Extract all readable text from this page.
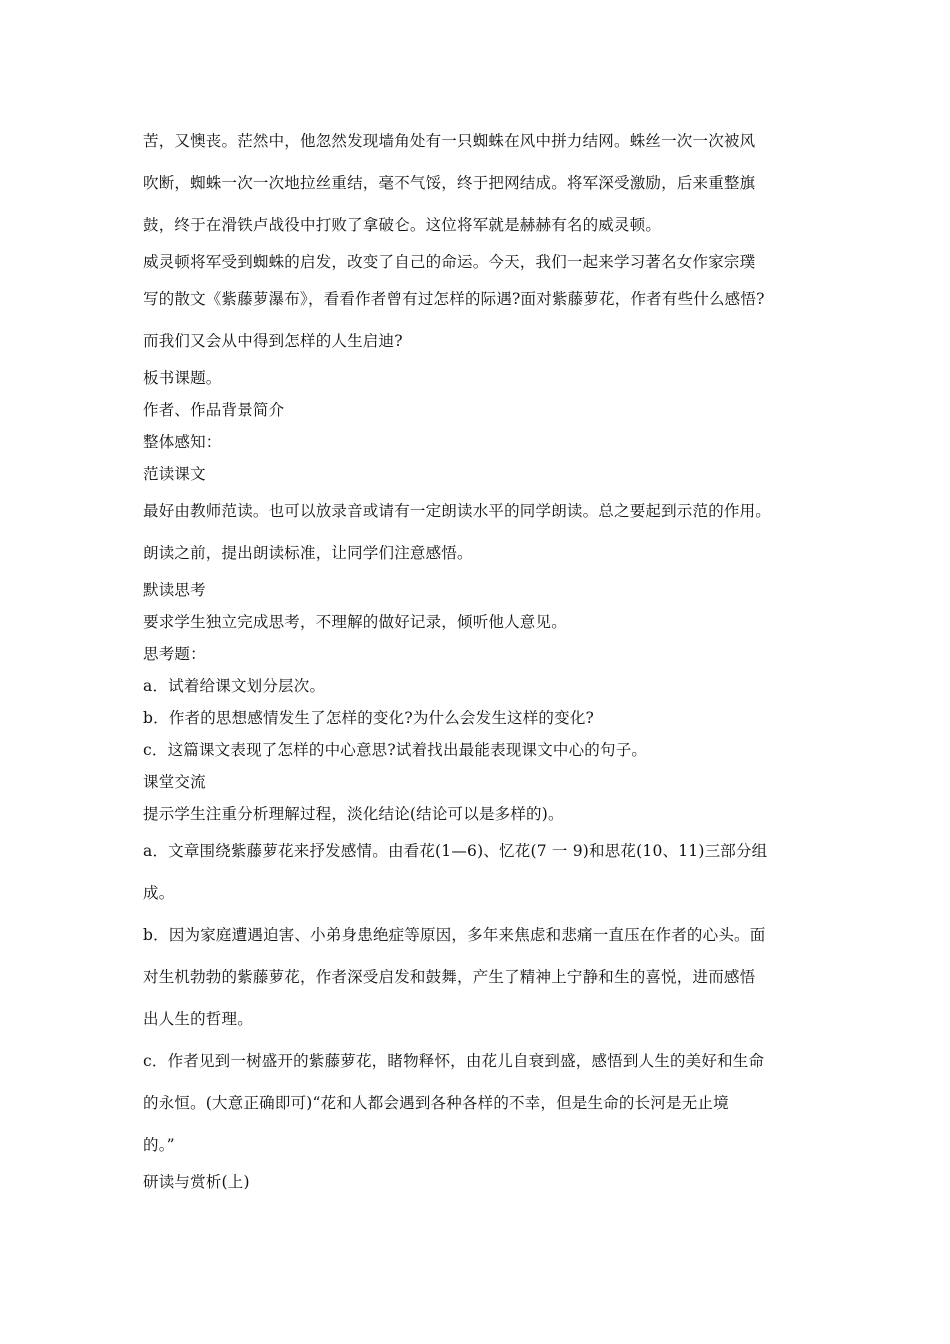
苦，又懊丧。茫然中，他忽然发现墙角处有一只蜘蛛在风中拼力结网。蛛丝一次一次被风

吹断，蜘蛛一次一次地拉丝重结，毫不气馁，终于把网结成。将军深受激励，后来重整旗

鼓，终于在滑铁卢战役中打败了拿破仑。这位将军就是赫赫有名的威灵顿。

威灵顿将军受到蜘蛛的启发，改变了自己的命运。今天，我们一起来学习著名女作家宗璞

写的散文《紫藤萝瀑布》，看看作者曾有过怎样的际遇?面对紫藤萝花，作者有些什么感悟?

而我们又会从中得到怎样的人生启迪?

板书课题。

作者、作品背景简介

整体感知：

范读课文

最好由教师范读。也可以放录音或请有一定朗读水平的同学朗读。总之要起到示范的作用。

朗读之前，提出朗读标准，让同学们注意感悟。

默读思考

要求学生独立完成思考，不理解的做好记录，倾听他人意见。

思考题：

a．试着给课文划分层次。

b．作者的思想感情发生了怎样的变化?为什么会发生这样的变化?

c．这篇课文表现了怎样的中心意思?试着找出最能表现课文中心的句子。

课堂交流

提示学生注重分析理解过程，淡化结论(结论可以是多样的)。

a．文章围绕紫藤萝花来抒发感情。由看花(1—6)、忆花(7 一 9)和思花(10、11)三部分组

成。

b．因为家庭遭遇迫害、小弟身患绝症等原因，多年来焦虑和悲痛一直压在作者的心头。面

对生机勃勃的紫藤萝花，作者深受启发和鼓舞，产生了精神上宁静和生的喜悦，进而感悟

出人生的哲理。

c．作者见到一树盛开的紫藤萝花，睹物释怀，由花儿自衰到盛，感悟到人生的美好和生命

的永恒。(大意正确即可)“花和人都会遇到各种各样的不幸，但是生命的长河是无止境

的。”

研读与赏析(上)
